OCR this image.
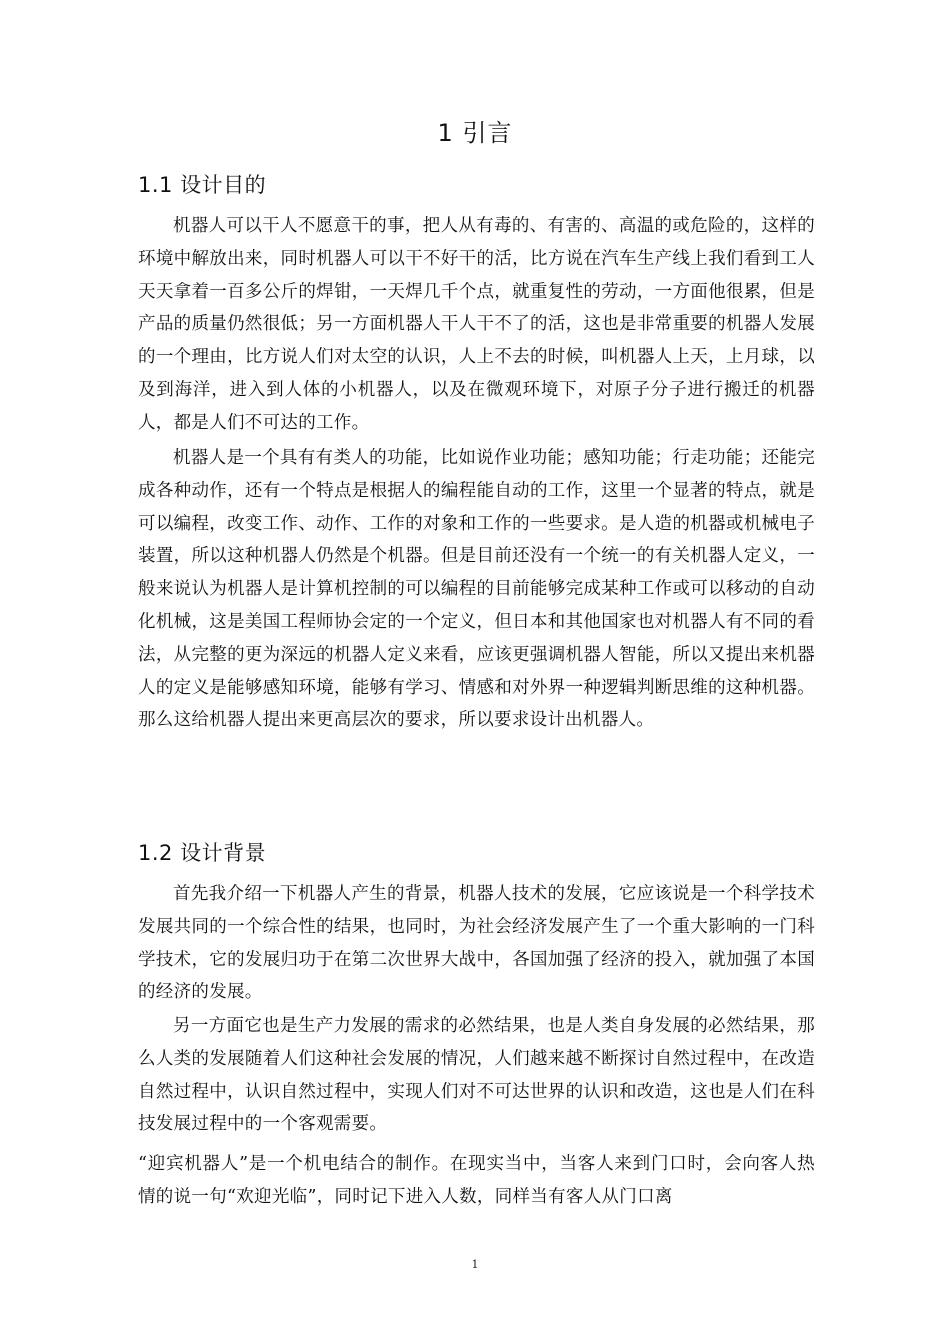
1 引言
1.1 设计目的

机器人可以干人不愿意干的事，把人从有毒的、有害的、高温的或危险的，这样的环境中解放出来，同时机器人可以干不好干的活，比方说在汽车生产线上我们看到工人天天拿着一百多公斤的焊钳，一天焊几千个点，就重复性的劳动，一方面他很累，但是产品的质量仍然很低；另一方面机器人干人干不了的活，这也是非常重要的机器人发展的一个理由，比方说人们对太空的认识，人上不去的时候，叫机器人上天，上月球，以及到海洋，进入到人体的小机器人，以及在微观环境下，对原子分子进行搬迁的机器人，都是人们不可达的工作。

机器人是一个具有有类人的功能，比如说作业功能；感知功能；行走功能；还能完成各种动作，还有一个特点是根据人的编程能自动的工作，这里一个显著的特点，就是可以编程，改变工作、动作、工作的对象和工作的一些要求。是人造的机器或机械电子装置，所以这种机器人仍然是个机器。但是目前还没有一个统一的有关机器人定义，一般来说认为机器人是计算机控制的可以编程的目前能够完成某种工作或可以移动的自动化机械，这是美国工程师协会定的一个定义，但日本和其他国家也对机器人有不同的看法，从完整的更为深远的机器人定义来看，应该更强调机器人智能，所以又提出来机器人的定义是能够感知环境，能够有学习、情感和对外界一种逻辑判断思维的这种机器。那么这给机器人提出来更高层次的要求，所以要求设计出机器人。

1.2 设计背景

首先我介绍一下机器人产生的背景，机器人技术的发展，它应该说是一个科学技术发展共同的一个综合性的结果，也同时，为社会经济发展产生了一个重大影响的一门科学技术，它的发展归功于在第二次世界大战中，各国加强了经济的投入，就加强了本国的经济的发展。

另一方面它也是生产力发展的需求的必然结果，也是人类自身发展的必然结果，那么人类的发展随着人们这种社会发展的情况，人们越来越不断探讨自然过程中，在改造自然过程中，认识自然过程中，实现人们对不可达世界的认识和改造，这也是人们在科技发展过程中的一个客观需要。

“迎宾机器人”是一个机电结合的制作。在现实当中，当客人来到门口时，会向客人热情的说一句“欢迎光临”，同时记下进入人数，同样当有客人从门口离

1
